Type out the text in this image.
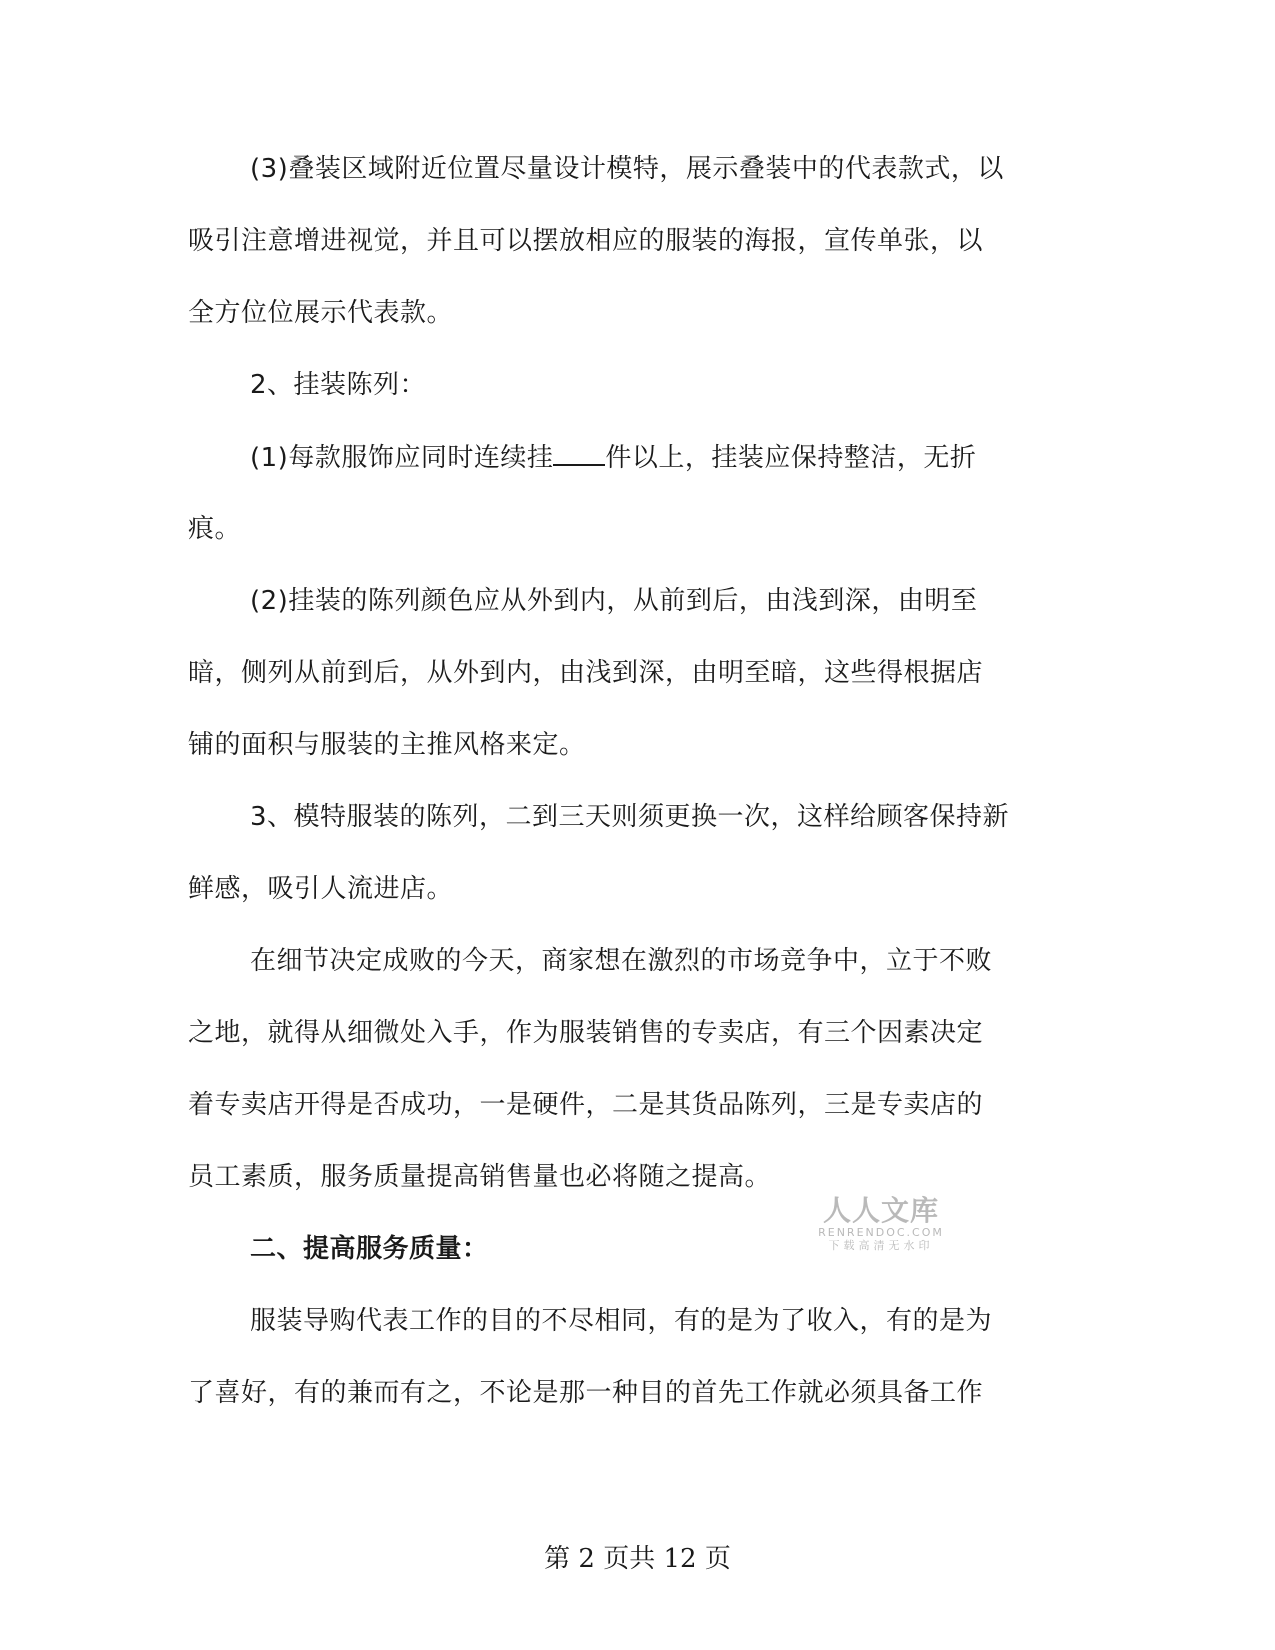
(3)叠装区域附近位置尽量设计模特，展示叠装中的代表款式，以
吸引注意增进视觉，并且可以摆放相应的服装的海报，宣传单张，以
全方位位展示代表款。
2、挂装陈列：
(1)每款服饰应同时连续挂 件以上，挂装应保持整洁，无折
痕。
(2)挂装的陈列颜色应从外到内，从前到后，由浅到深，由明至
暗，侧列从前到后，从外到内，由浅到深，由明至暗，这些得根据店
铺的面积与服装的主推风格来定。
3、模特服装的陈列，二到三天则须更换一次，这样给顾客保持新
鲜感，吸引人流进店。
在细节决定成败的今天，商家想在激烈的市场竞争中，立于不败
之地，就得从细微处入手，作为服装销售的专卖店，有三个因素决定
着专卖店开得是否成功，一是硬件，二是其货品陈列，三是专卖店的
员工素质，服务质量提高销售量也必将随之提高。
二、提高服务质量：
服装导购代表工作的目的不尽相同，有的是为了收入，有的是为
了喜好，有的兼而有之，不论是那一种目的首先工作就必须具备工作
人人文库
RENRENDOC.COM
下载高清无水印
第 2 页共 12 页
